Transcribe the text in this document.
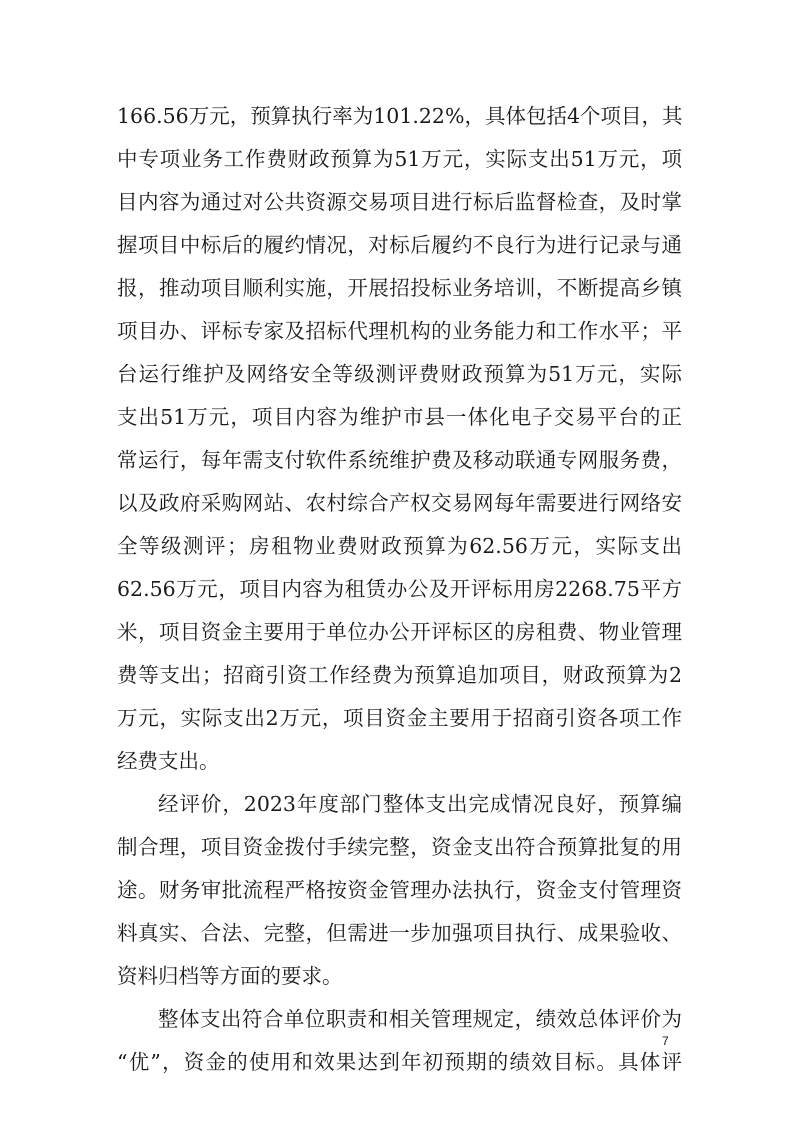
166.56万元，预算执行率为101.22%，具体包括4个项目，其
中专项业务工作费财政预算为51万元，实际支出51万元，项
目内容为通过对公共资源交易项目进行标后监督检查，及时掌
握项目中标后的履约情况，对标后履约不良行为进行记录与通
报，推动项目顺利实施，开展招投标业务培训，不断提高乡镇
项目办、评标专家及招标代理机构的业务能力和工作水平；平
台运行维护及网络安全等级测评费财政预算为51万元，实际
支出51万元，项目内容为维护市县一体化电子交易平台的正
常运行，每年需支付软件系统维护费及移动联通专网服务费，
以及政府采购网站、农村综合产权交易网每年需要进行网络安
全等级测评；房租物业费财政预算为62.56万元，实际支出
62.56万元，项目内容为租赁办公及开评标用房2268.75平方
米，项目资金主要用于单位办公开评标区的房租费、物业管理
费等支出；招商引资工作经费为预算追加项目，财政预算为2
万元，实际支出2万元，项目资金主要用于招商引资各项工作
经费支出。
经评价，2023年度部门整体支出完成情况良好，预算编
制合理，项目资金拨付手续完整，资金支出符合预算批复的用
途。财务审批流程严格按资金管理办法执行，资金支付管理资
料真实、合法、完整，但需进一步加强项目执行、成果验收、
资料归档等方面的要求。
整体支出符合单位职责和相关管理规定，绩效总体评价为
“优”，资金的使用和效果达到年初预期的绩效目标。具体评
7
